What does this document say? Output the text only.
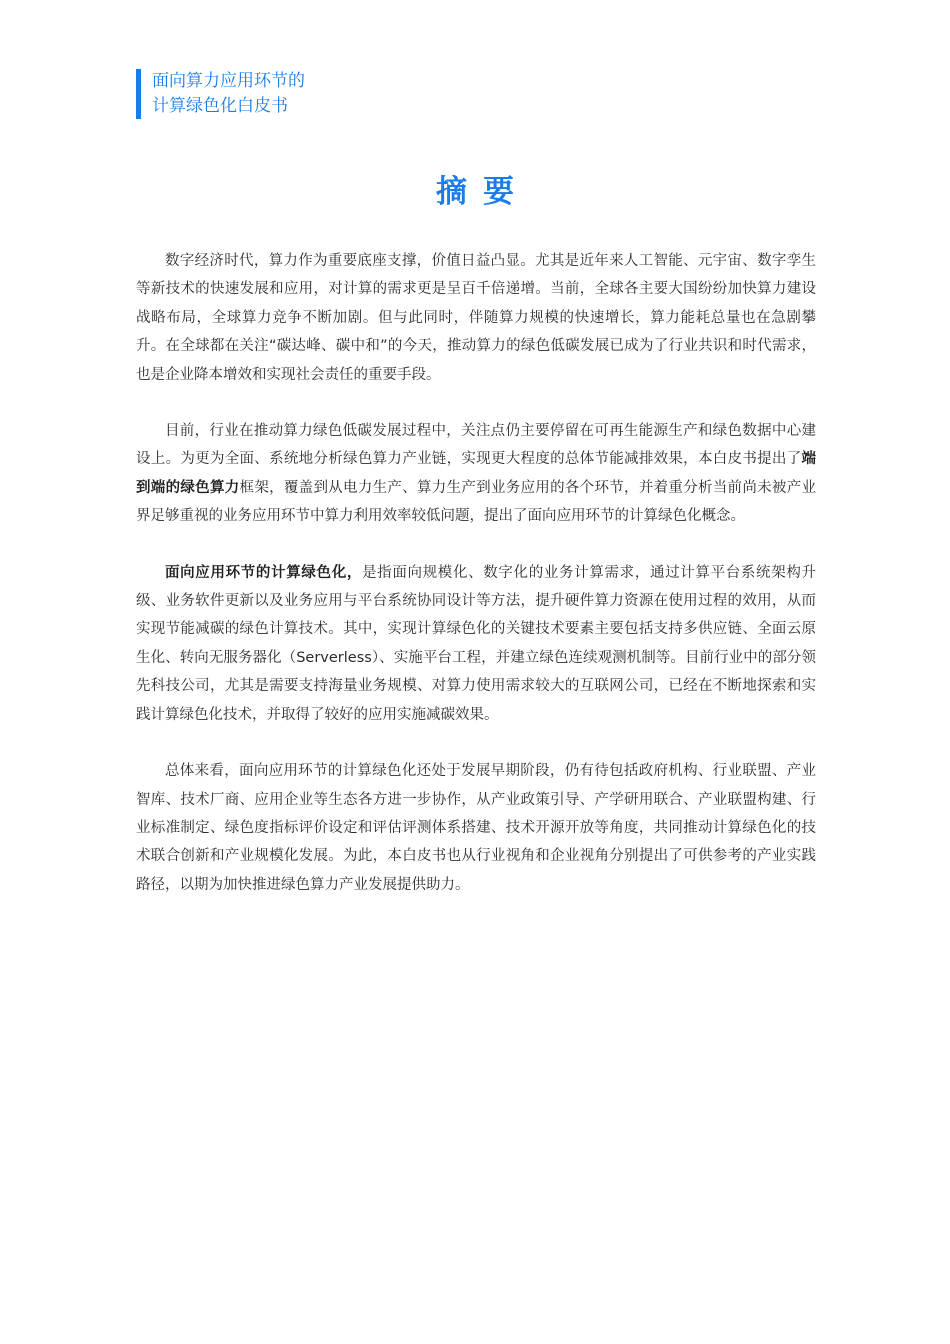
面向算力应用环节的
计算绿色化白皮书
摘要

数字经济时代，算力作为重要底座支撑，价值日益凸显。尤其是近年来人工智能、元宇宙、数字孪生等新技术的快速发展和应用，对计算的需求更是呈百千倍递增。当前，全球各主要大国纷纷加快算力建设战略布局，全球算力竞争不断加剧。但与此同时，伴随算力规模的快速增长，算力能耗总量也在急剧攀升。在全球都在关注“碳达峰、碳中和”的今天，推动算力的绿色低碳发展已成为了行业共识和时代需求，也是企业降本增效和实现社会责任的重要手段。

目前，行业在推动算力绿色低碳发展过程中，关注点仍主要停留在可再生能源生产和绿色数据中心建设上。为更为全面、系统地分析绿色算力产业链，实现更大程度的总体节能减排效果，本白皮书提出了端到端的绿色算力框架，覆盖到从电力生产、算力生产到业务应用的各个环节，并着重分析当前尚未被产业界足够重视的业务应用环节中算力利用效率较低问题，提出了面向应用环节的计算绿色化概念。

面向应用环节的计算绿色化，是指面向规模化、数字化的业务计算需求，通过计算平台系统架构升级、业务软件更新以及业务应用与平台系统协同设计等方法，提升硬件算力资源在使用过程的效用，从而实现节能减碳的绿色计算技术。其中，实现计算绿色化的关键技术要素主要包括支持多供应链、全面云原生化、转向无服务器化（Serverless）、实施平台工程，并建立绿色连续观测机制等。目前行业中的部分领先科技公司，尤其是需要支持海量业务规模、对算力使用需求较大的互联网公司，已经在不断地探索和实践计算绿色化技术，并取得了较好的应用实施减碳效果。

总体来看，面向应用环节的计算绿色化还处于发展早期阶段，仍有待包括政府机构、行业联盟、产业智库、技术厂商、应用企业等生态各方进一步协作，从产业政策引导、产学研用联合、产业联盟构建、行业标准制定、绿色度指标评价设定和评估评测体系搭建、技术开源开放等角度，共同推动计算绿色化的技术联合创新和产业规模化发展。为此，本白皮书也从行业视角和企业视角分别提出了可供参考的产业实践路径，以期为加快推进绿色算力产业发展提供助力。
